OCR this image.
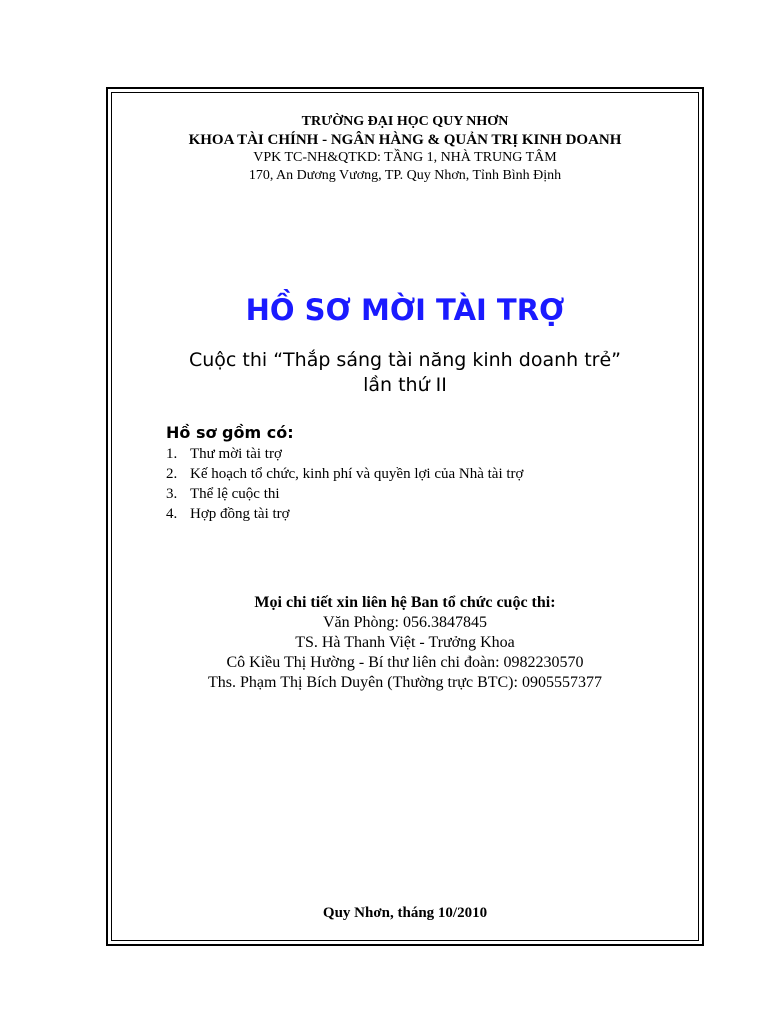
TRƯỜNG ĐẠI HỌC QUY NHƠN
KHOA TÀI CHÍNH - NGÂN HÀNG & QUẢN TRỊ KINH DOANH
VPK TC-NH&QTKD: TẦNG 1, NHÀ TRUNG TÂM
170, An Dương Vương, TP. Quy Nhơn, Tỉnh Bình Định
HỒ SƠ MỜI TÀI TRỢ
Cuộc thi “Thắp sáng tài năng kinh doanh trẻ”
lần thứ II
Hồ sơ gồm có:
1. Thư mời tài trợ
2. Kế hoạch tổ chức, kinh phí và quyền lợi của Nhà tài trợ
3. Thể lệ cuộc thi
4. Hợp đồng tài trợ
Mọi chi tiết xin liên hệ Ban tổ chức cuộc thi:
Văn Phòng: 056.3847845
TS. Hà Thanh Việt - Trưởng Khoa
Cô Kiều Thị Hường - Bí thư liên chi đoàn: 0982230570
Ths. Phạm Thị Bích Duyên (Thường trực BTC): 0905557377
Quy Nhơn, tháng 10/2010
